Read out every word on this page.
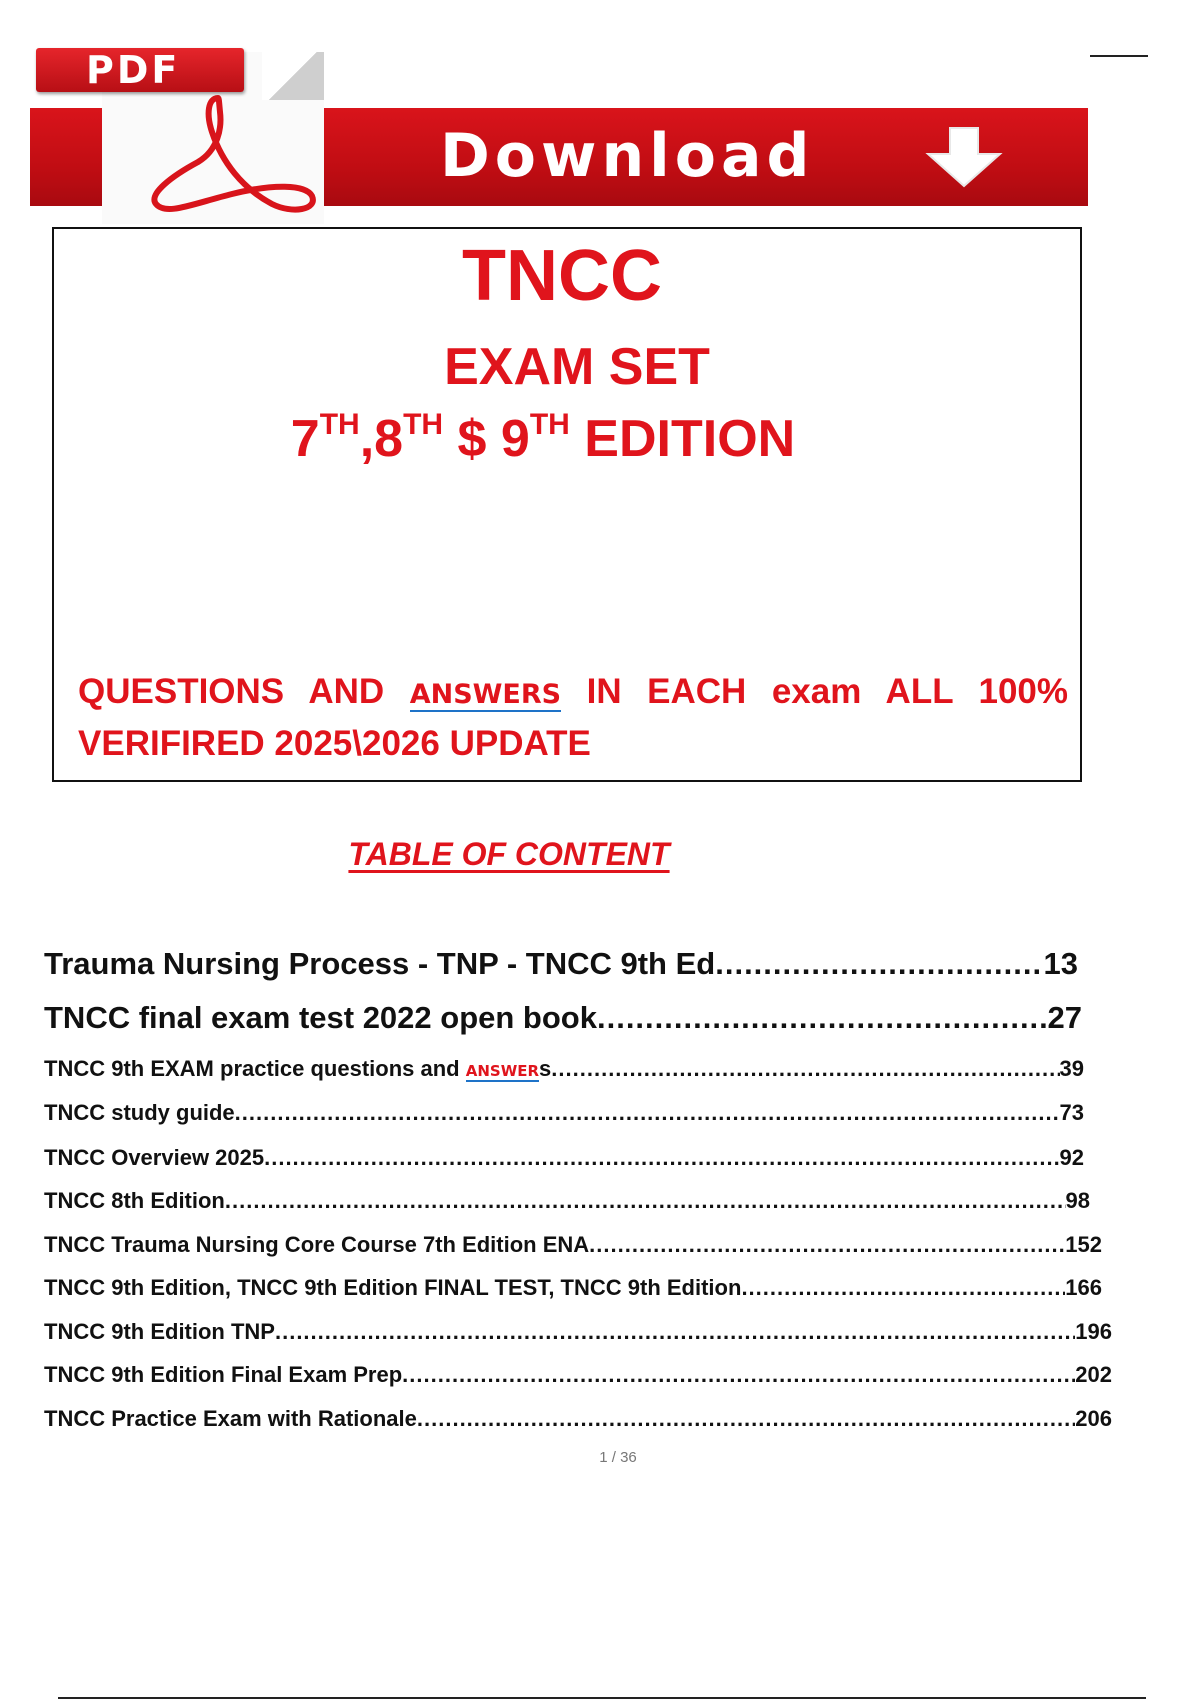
Download
PDF
TNCC
EXAM SET
7TH,8TH $ 9TH EDITION
QUESTIONS AND ANSWERS IN EACH exam ALL 100%
VERIFIRED 2025\2026 UPDATE
TABLE OF CONTENT
Trauma Nursing Process - TNP - TNCC 9th Ed .....	13
TNCC final exam test 2022 open book .....	27
TNCC 9th EXAM practice questions and ANSWERs .....	39
TNCC study guide .....	73
TNCC Overview 2025 .....	92
TNCC 8th Edition .....	98
TNCC Trauma Nursing Core Course 7th Edition ENA .....	152
TNCC 9th Edition, TNCC 9th Edition FINAL TEST, TNCC 9th Edition .....	166
TNCC 9th Edition TNP .....	196
TNCC 9th Edition Final Exam Prep .....	202
TNCC Practice Exam with Rationale .....	206
1 / 36
